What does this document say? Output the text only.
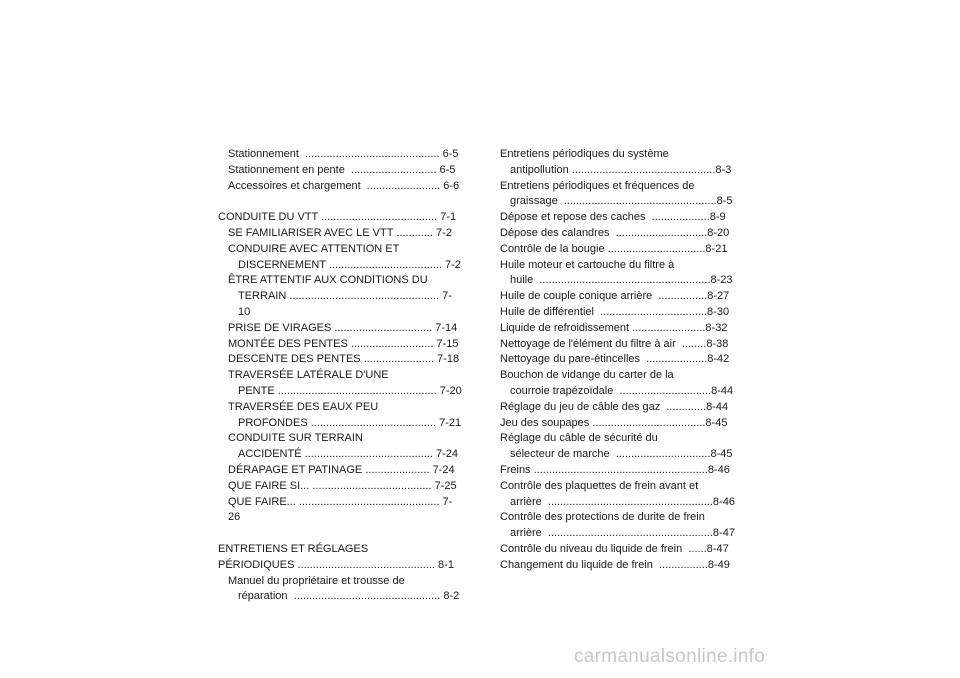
Stationnement  ............................................ 6-5
Stationnement en pente  ............................ 6-5
Accessoires et chargement  ........................ 6-6
CONDUITE DU VTT ...................................... 7-1
SE FAMILIARISER AVEC LE VTT ............ 7-2
CONDUIRE AVEC ATTENTION ET
DISCERNEMENT ..................................... 7-2
ÊTRE ATTENTIF AUX CONDITIONS DU
TERRAIN ................................................. 7-10
PRISE DE VIRAGES ................................ 7-14
MONTÉE DES PENTES ........................... 7-15
DESCENTE DES PENTES ....................... 7-18
TRAVERSÉE LATÉRALE D'UNE
PENTE .................................................... 7-20
TRAVERSÉE DES EAUX PEU
PROFONDES ......................................... 7-21
CONDUITE SUR TERRAIN
ACCIDENTÉ .......................................... 7-24
DÉRAPAGE ET PATINAGE ..................... 7-24
QUE FAIRE SI... ....................................... 7-25
QUE FAIRE... .............................................. 7-26
ENTRETIENS ET RÉGLAGES
PÉRIODIQUES ............................................. 8-1
Manuel du propriétaire et trousse de
réparation  ................................................ 8-2
Entretiens périodiques du système
antipollution ...............................................8-3
Entretiens périodiques et fréquences de
graissage  ..................................................8-5
Dépose et repose des caches  ...................8-9
Dépose des calandres  ..............................8-20
Contrôle de la bougie ................................8-21
Huile moteur et cartouche du filtre à
huile  ........................................................8-23
Huile de couple conique arrière  ................8-27
Huile de différentiel  ...................................8-30
Liquide de refroidissement ........................8-32
Nettoyage de l'élément du filtre à air  ........8-38
Nettoyage du pare-étincelles  ....................8-42
Bouchon de vidange du carter de la
courroie trapézoïdale  ..............................8-44
Réglage du jeu de câble des gaz  .............8-44
Jeu des soupapes .....................................8-45
Réglage du câble de sécurité du
sélecteur de marche  ...............................8-45
Freins .........................................................8-46
Contrôle des plaquettes de frein avant et
arrière  ......................................................8-46
Contrôle des protections de durite de frein
arrière  ......................................................8-47
Contrôle du niveau du liquide de frein  ......8-47
Changement du liquide de frein  ................8-49
carmanualsonline.info
